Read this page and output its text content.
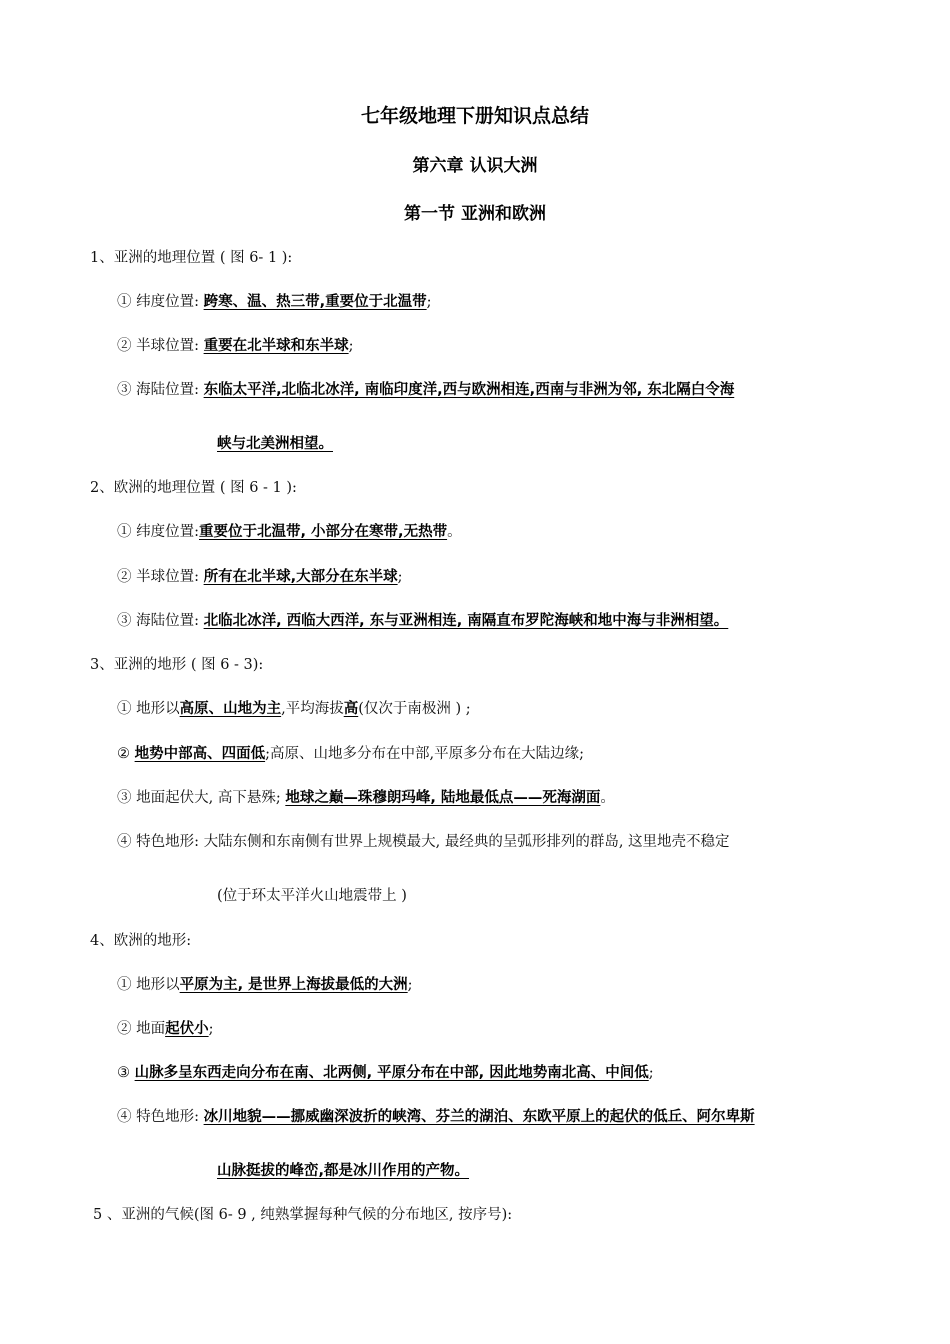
七年级地理下册知识点总结
第六章 认识大洲
第一节 亚洲和欧洲
1、亚洲的地理位置 ( 图 6- 1 ):
① 纬度位置: 跨寒、温、热三带,重要位于北温带;
② 半球位置: 重要在北半球和东半球;
③ 海陆位置: 东临太平洋,北临北冰洋, 南临印度洋,西与欧洲相连,西南与非洲为邻, 东北隔白令海
峡与北美洲相望。
2、欧洲的地理位置 ( 图 6 - 1 ):
① 纬度位置:重要位于北温带, 小部分在寒带,无热带。
② 半球位置: 所有在北半球,大部分在东半球;
③ 海陆位置: 北临北冰洋, 西临大西洋, 东与亚洲相连, 南隔直布罗陀海峡和地中海与非洲相望。
3、亚洲的地形 ( 图 6 - 3):
① 地形以高原、山地为主,平均海拔高(仅次于南极洲 ) ;
② 地势中部高、四面低;高原、山地多分布在中部,平原多分布在大陆边缘;
③ 地面起伏大, 高下悬殊; 地球之巅—珠穆朗玛峰, 陆地最低点——死海湖面。
④ 特色地形: 大陆东侧和东南侧有世界上规模最大, 最经典的呈弧形排列的群岛, 这里地壳不稳定
(位于环太平洋火山地震带上 )
4、欧洲的地形:
① 地形以平原为主, 是世界上海拔最低的大洲;
② 地面起伏小;
③ 山脉多呈东西走向分布在南、北两侧, 平原分布在中部, 因此地势南北高、中间低;
④ 特色地形: 冰川地貌——挪威幽深波折的峡湾、芬兰的湖泊、东欧平原上的起伏的低丘、阿尔卑斯
山脉挺拔的峰峦,都是冰川作用的产物。
5 、亚洲的气候(图 6- 9 , 纯熟掌握每种气候的分布地区, 按序号):
